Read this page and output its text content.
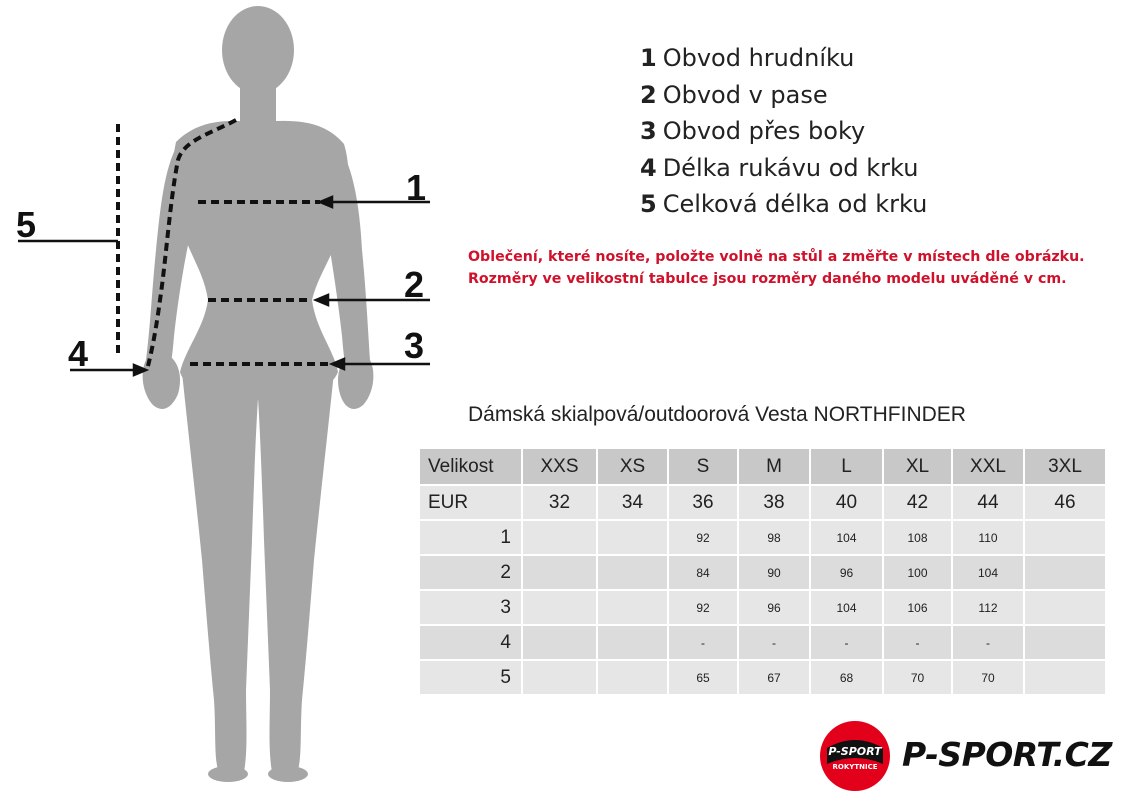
1
2
3
4
5
1 Obvod hrudníku
2 Obvod v pase
3 Obvod přes boky
4 Délka rukávu od krku
5 Celková délka od krku
Oblečení, které nosíte, položte volně na stůl a změřte v místech dle obrázku.
Rozměry ve velikostní tabulce jsou rozměry daného modelu uváděné v cm.
Dámská skialpová/outdoorová Vesta NORTHFINDER
Velikost	XXS	XS	S	M	L	XL	XXL	3XL
EUR	32	34	36	38	40	42	44	46
1			92	98	104	108	110	
2			84	90	96	100	104	
3			92	96	104	106	112	
4			-	-	-	-	-	
5			65	67	68	70	70	
P-SPORT
ROKYTNICE P-SPORT.CZ
